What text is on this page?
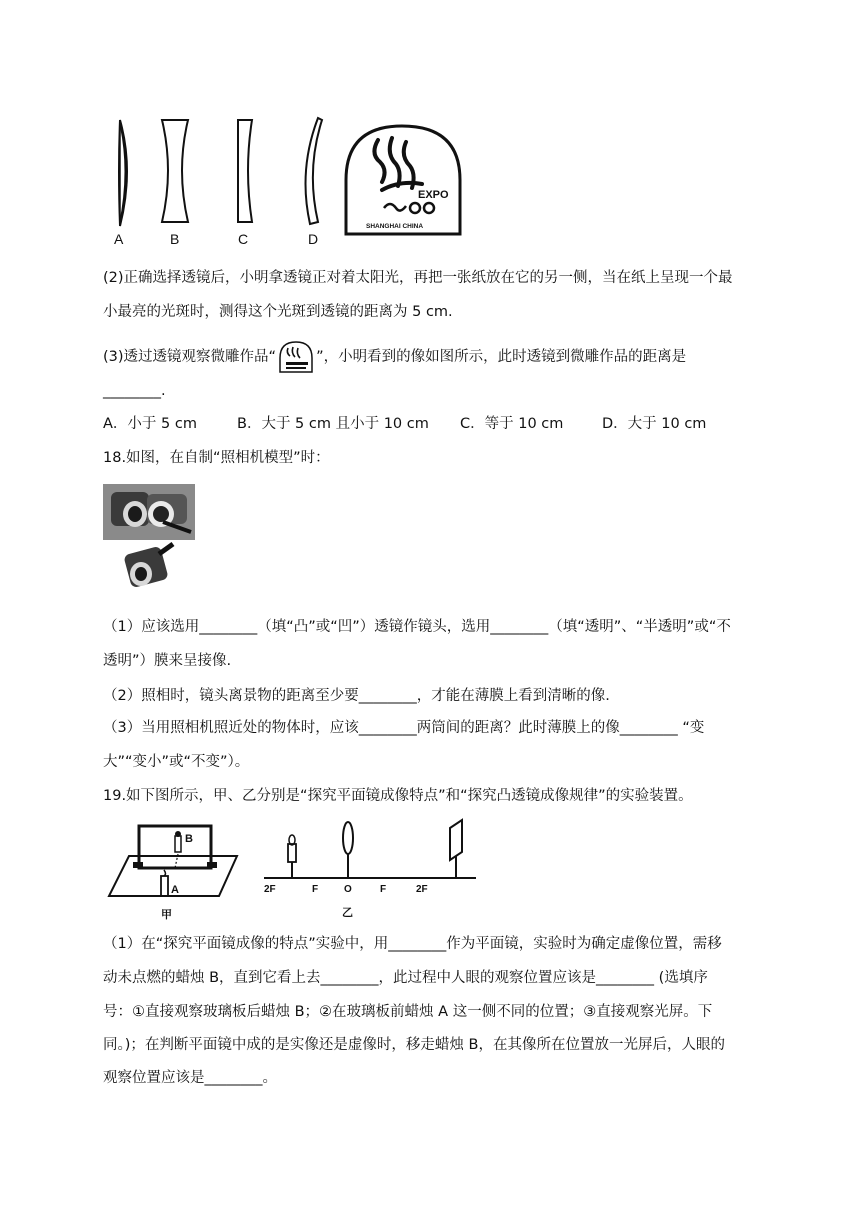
A	B	C	D
EXPO
SHANGHAI CHINA
(2)正确选择透镜后，小明拿透镜正对着太阳光，再把一张纸放在它的另一侧，当在纸上呈现一个最
小最亮的光斑时，测得这个光斑到透镜的距离为 5 cm.
(3)透过透镜观察微雕作品“	”，小明看到的像如图所示，此时透镜到微雕作品的距离是
________.
A．小于 5 cm	B．大于 5 cm 且小于 10 cm C．等于 10 cm	D．大于 10 cm
18.如图，在自制“照相机模型”时：
（1）应该选用________（填“凸”或“凹”）透镜作镜头，选用________（填“透明”、“半透明”或“不
透明”）膜来呈接像.
（2）照相时，镜头离景物的距离至少要________，才能在薄膜上看到清晰的像.
（3）当用照相机照近处的物体时，应该________两筒间的距离？此时薄膜上的像________ “变
大”“变小”或“不变”）。
19.如下图所示，甲、乙分别是“探究平面镜成像特点”和“探究凸透镜成像规律”的实验装置。
B
A
甲
2F	F	O	F	2F
乙
（1）在“探究平面镜成像的特点”实验中，用________作为平面镜，实验时为确定虚像位置，需移
动未点燃的蜡烛 B，直到它看上去________，此过程中人眼的观察位置应该是________ (选填序
号：①直接观察玻璃板后蜡烛 B；②在玻璃板前蜡烛 A 这一侧不同的位置；③直接观察光屏。下
同。)；在判断平面镜中成的是实像还是虚像时，移走蜡烛 B，在其像所在位置放一光屏后，人眼的
观察位置应该是________。
